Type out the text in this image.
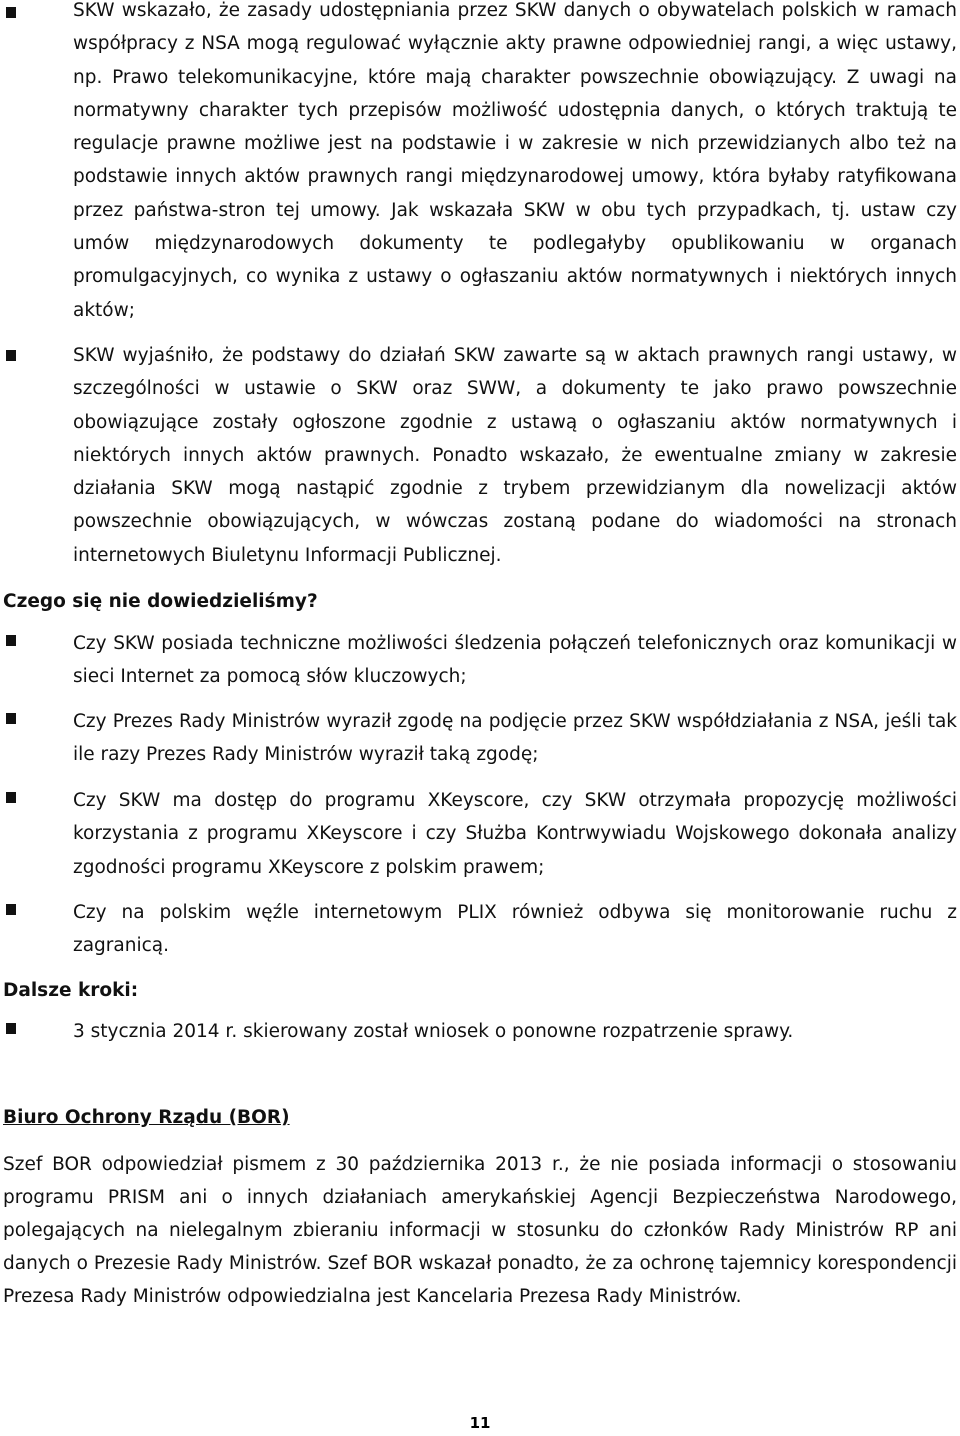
SKW wskazało, że zasady udostępniania przez SKW danych o obywatelach polskich w ramach współpracy z NSA mogą regulować wyłącznie akty prawne odpowiedniej rangi, a więc ustawy, np. Prawo telekomunikacyjne, które mają charakter powszechnie obowiązujący. Z uwagi na normatywny charakter tych przepisów możliwość udostępnia danych, o których traktują te regulacje prawne możliwe jest na podstawie i w zakresie w nich przewidzianych albo też na podstawie innych aktów prawnych rangi międzynarodowej umowy, która byłaby ratyfikowana przez państwa-stron tej umowy. Jak wskazała SKW w obu tych przypadkach, tj. ustaw czy umów międzynarodowych dokumenty te podlegałyby opublikowaniu w organach promulgacyjnych, co wynika z ustawy o ogłaszaniu aktów normatywnych i niektórych innych aktów;

SKW wyjaśniło, że podstawy do działań SKW zawarte są w aktach prawnych rangi ustawy, w szczególności w ustawie o SKW oraz SWW, a dokumenty te jako prawo powszechnie obowiązujące zostały ogłoszone zgodnie z ustawą o ogłaszaniu aktów normatywnych i niektórych innych aktów prawnych. Ponadto wskazało, że ewentualne zmiany w zakresie działania SKW mogą nastąpić zgodnie z trybem przewidzianym dla nowelizacji aktów powszechnie obowiązujących, w wówczas zostaną podane do wiadomości na stronach internetowych Biuletynu Informacji Publicznej.

Czego się nie dowiedzieliśmy?

Czy SKW posiada techniczne możliwości śledzenia połączeń telefonicznych oraz komunikacji w sieci Internet za pomocą słów kluczowych;

Czy Prezes Rady Ministrów wyraził zgodę na podjęcie przez SKW współdziałania z NSA, jeśli tak ile razy Prezes Rady Ministrów wyraził taką zgodę;

Czy SKW ma dostęp do programu XKeyscore, czy SKW otrzymała propozycję możliwości korzystania z programu XKeyscore i czy Służba Kontrwywiadu Wojskowego dokonała analizy zgodności programu XKeyscore z polskim prawem;

Czy na polskim węźle internetowym PLIX również odbywa się monitorowanie ruchu z zagranicą.

Dalsze kroki:

3 stycznia 2014 r. skierowany został wniosek o ponowne rozpatrzenie sprawy.

Biuro Ochrony Rządu (BOR)

Szef BOR odpowiedział pismem z 30 października 2013 r., że nie posiada informacji o stosowaniu programu PRISM ani o innych działaniach amerykańskiej Agencji Bezpieczeństwa Narodowego, polegających na nielegalnym zbieraniu informacji w stosunku do członków Rady Ministrów RP ani danych o Prezesie Rady Ministrów. Szef BOR wskazał ponadto, że za ochronę tajemnicy korespondencji Prezesa Rady Ministrów odpowiedzialna jest Kancelaria Prezesa Rady Ministrów.

11
